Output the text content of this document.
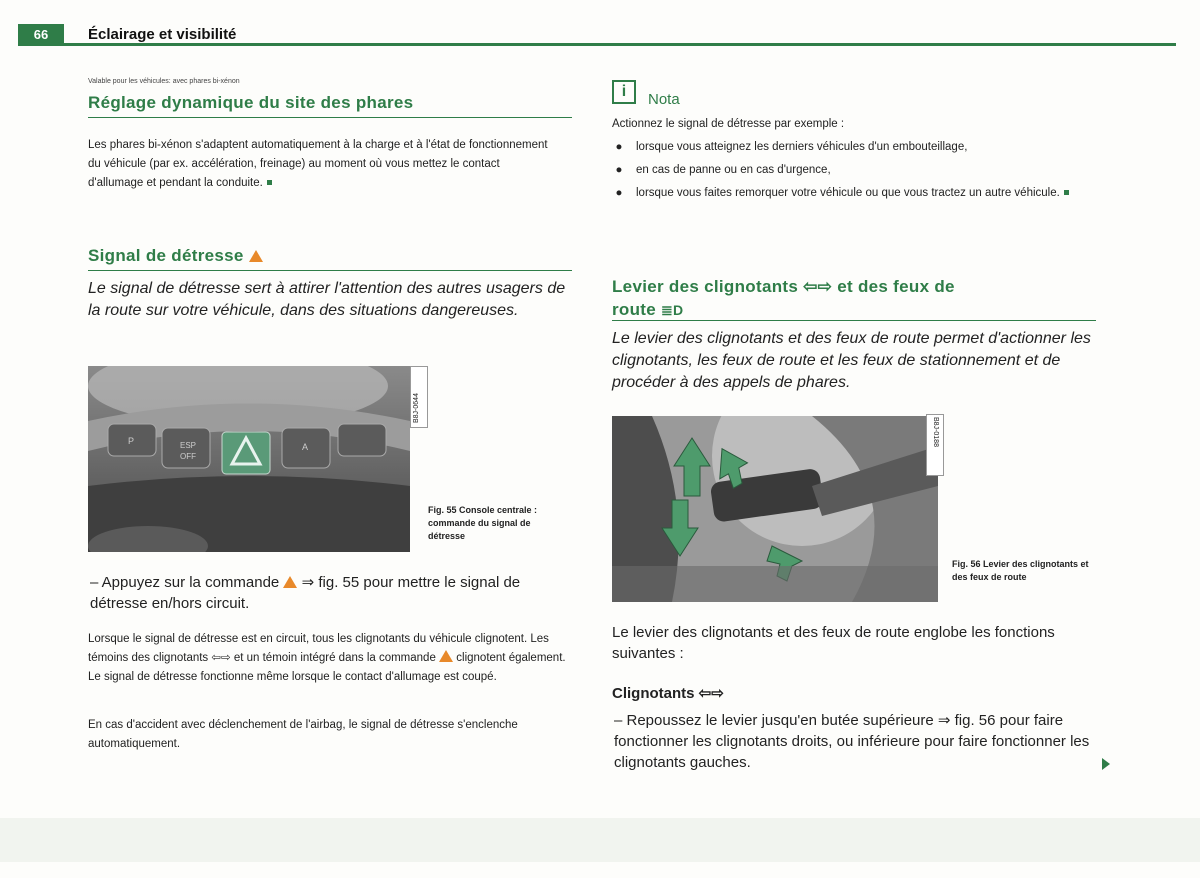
66	Éclairage et visibilité
Valable pour les véhicules: avec phares bi-xénon
Réglage dynamique du site des phares
Les phares bi-xénon s'adaptent automatiquement à la charge et à l'état de fonctionnement du véhicule (par ex. accélération, freinage) au moment où vous mettez le contact d'allumage et pendant la conduite.
Signal de détresse
Le signal de détresse sert à attirer l'attention des autres usagers de la route sur votre véhicule, dans des situations dangereuses.
ESP
OFF
P
A
B8J-0644
Fig. 55 Console centrale : commande du signal de détresse
– Appuyez sur la commande ⇒ fig. 55 pour mettre le signal de détresse en/hors circuit.
Lorsque le signal de détresse est en circuit, tous les clignotants du véhicule clignotent. Les témoins des clignotants ⇦⇨ et un témoin intégré dans la commande clignotent également. Le signal de détresse fonctionne même lorsque le contact d'allumage est coupé.
En cas d'accident avec déclenchement de l'airbag, le signal de détresse s'enclenche automatiquement.
i	Nota
Actionnez le signal de détresse par exemple :
●	lorsque vous atteignez les derniers véhicules d'un embouteillage,
●	en cas de panne ou en cas d'urgence,
●	lorsque vous faites remorquer votre véhicule ou que vous tractez un autre véhicule.
Levier des clignotants ⇦⇨ et des feux de
route ≣D
Le levier des clignotants et des feux de route permet d'actionner les clignotants, les feux de route et les feux de stationnement et de procéder à des appels de phares.
B8J-0188
Fig. 56 Levier des clignotants et des feux de route
Le levier des clignotants et des feux de route englobe les fonctions suivantes :
Clignotants ⇦⇨
– Repoussez le levier jusqu'en butée supérieure ⇒ fig. 56 pour faire fonctionner les clignotants droits, ou inférieure pour faire fonctionner les clignotants gauches.
